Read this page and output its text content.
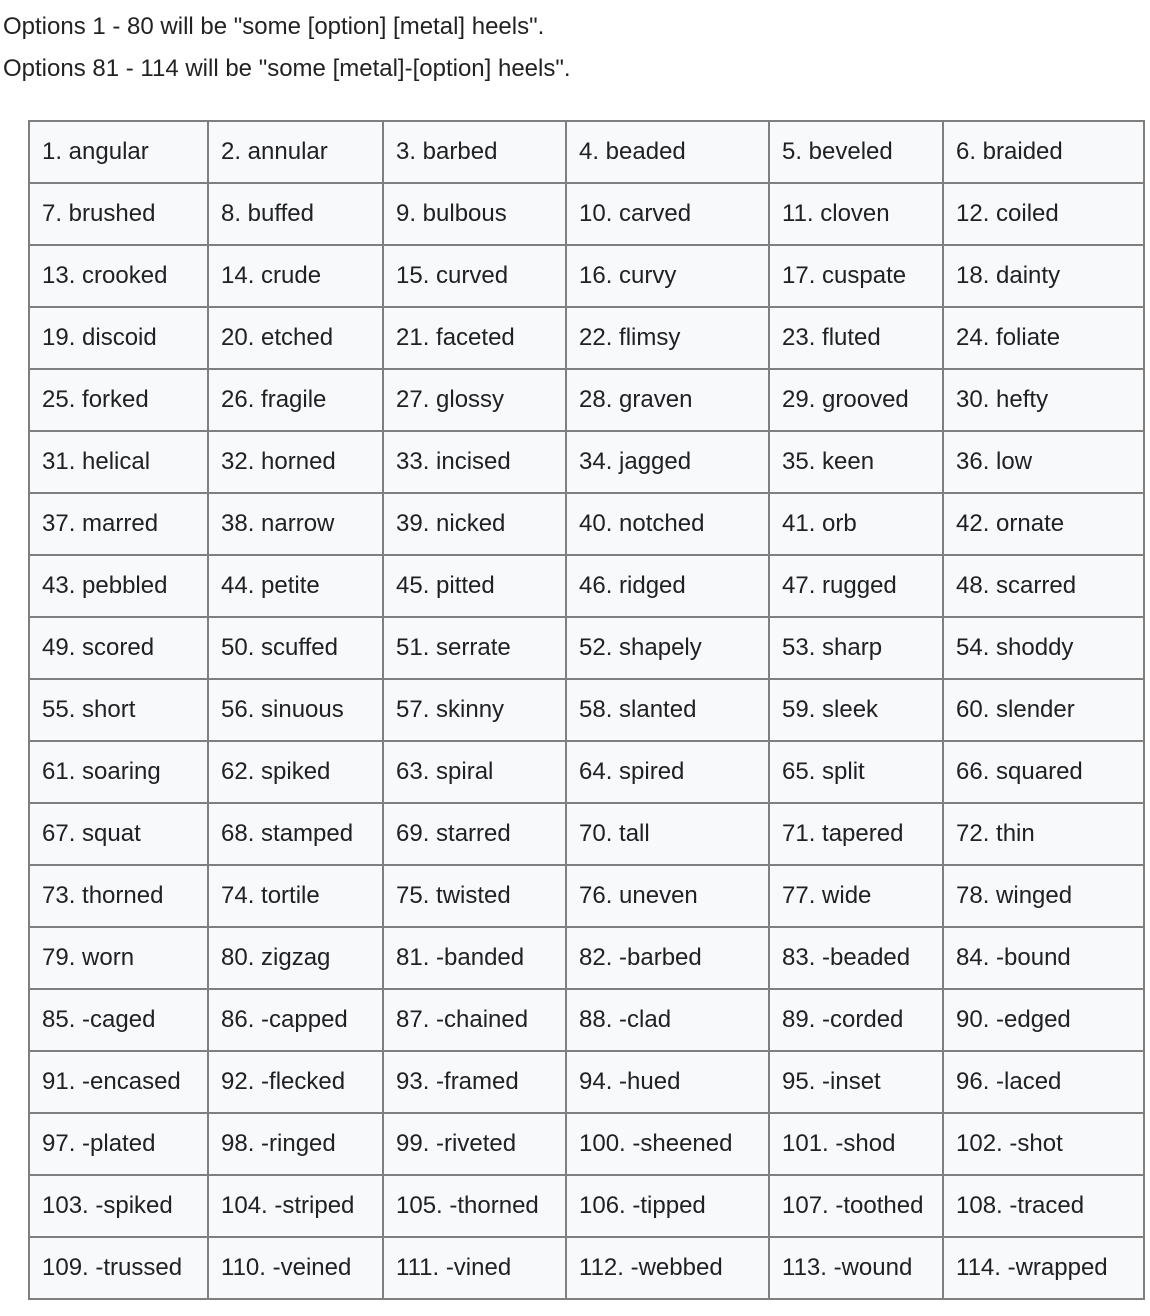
Options 1 - 80 will be "some [option] [metal] heels".

Options 81 - 114 will be "some [metal]-[option] heels".

1. angular	2. annular	3. barbed	4. beaded	5. beveled	6. braided
7. brushed	8. buffed	9. bulbous	10. carved	11. cloven	12. coiled
13. crooked	14. crude	15. curved	16. curvy	17. cuspate	18. dainty
19. discoid	20. etched	21. faceted	22. flimsy	23. fluted	24. foliate
25. forked	26. fragile	27. glossy	28. graven	29. grooved	30. hefty
31. helical	32. horned	33. incised	34. jagged	35. keen	36. low
37. marred	38. narrow	39. nicked	40. notched	41. orb	42. ornate
43. pebbled	44. petite	45. pitted	46. ridged	47. rugged	48. scarred
49. scored	50. scuffed	51. serrate	52. shapely	53. sharp	54. shoddy
55. short	56. sinuous	57. skinny	58. slanted	59. sleek	60. slender
61. soaring	62. spiked	63. spiral	64. spired	65. split	66. squared
67. squat	68. stamped	69. starred	70. tall	71. tapered	72. thin
73. thorned	74. tortile	75. twisted	76. uneven	77. wide	78. winged
79. worn	80. zigzag	81. -banded	82. -barbed	83. -beaded	84. -bound
85. -caged	86. -capped	87. -chained	88. -clad	89. -corded	90. -edged
91. -encased	92. -flecked	93. -framed	94. -hued	95. -inset	96. -laced
97. -plated	98. -ringed	99. -riveted	100. -sheened	101. -shod	102. -shot
103. -spiked	104. -striped	105. -thorned	106. -tipped	107. -toothed	108. -traced
109. -trussed	110. -veined	111. -vined	112. -webbed	113. -wound	114. -wrapped
